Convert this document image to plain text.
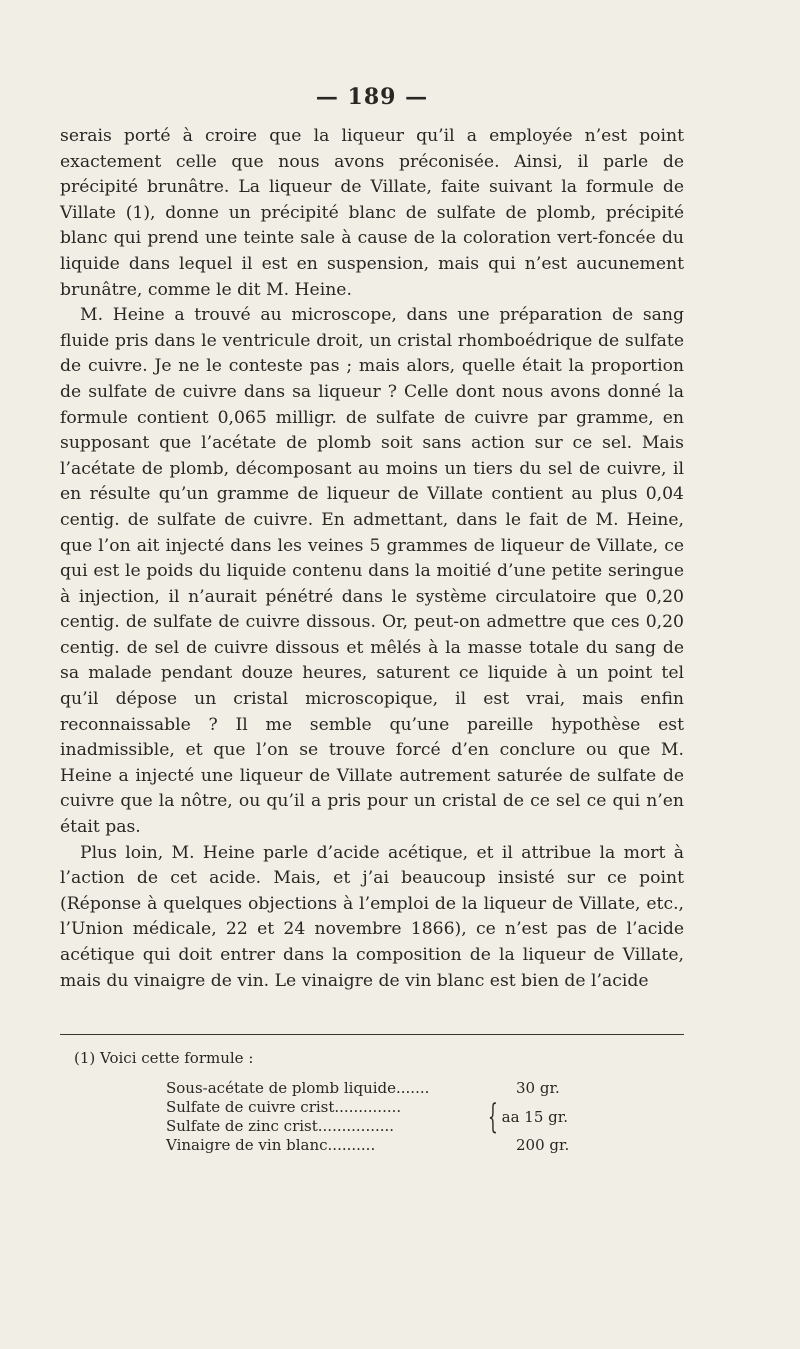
— 189 —

serais porté à croire que la liqueur qu’il a employée n’est point exactement celle que nous avons préconisée. Ainsi, il parle de précipité brunâtre. La liqueur de Villate, faite suivant la formule de Villate (1), donne un précipité blanc de sulfate de plomb, précipité blanc qui prend une teinte sale à cause de la coloration vert-foncée du liquide dans lequel il est en suspension, mais qui n’est aucunement brunâtre, comme le dit M. Heine.

M. Heine a trouvé au microscope, dans une préparation de sang fluide pris dans le ventricule droit, un cristal rhomboédrique de sulfate de cuivre. Je ne le conteste pas ; mais alors, quelle était la proportion de sulfate de cuivre dans sa liqueur ? Celle dont nous avons donné la formule contient 0,065 milligr. de sulfate de cuivre par gramme, en supposant que l’acétate de plomb soit sans action sur ce sel. Mais l’acétate de plomb, décomposant au moins un tiers du sel de cuivre, il en résulte qu’un gramme de liqueur de Villate contient au plus 0,04 centig. de sulfate de cuivre. En admettant, dans le fait de M. Heine, que l’on ait injecté dans les veines 5 grammes de liqueur de Villate, ce qui est le poids du liquide contenu dans la moitié d’une petite seringue à injection, il n’aurait pénétré dans le système circulatoire que 0,20 centig. de sulfate de cuivre dissous. Or, peut-on admettre que ces 0,20 centig. de sel de cuivre dissous et mêlés à la masse totale du sang de sa malade pendant douze heures, saturent ce liquide à un point tel qu’il dépose un cristal microscopique, il est vrai, mais enfin reconnaissable ? Il me semble qu’une pareille hypothèse est inadmissible, et que l’on se trouve forcé d’en conclure ou que M. Heine a injecté une liqueur de Villate autrement saturée de sulfate de cuivre que la nôtre, ou qu’il a pris pour un cristal de ce sel ce qui n’en était pas.

Plus loin, M. Heine parle d’acide acétique, et il attribue la mort à l’action de cet acide. Mais, et j’ai beaucoup insisté sur ce point (Réponse à quelques objections à l’emploi de la liqueur de Villate, etc., l’Union médicale, 22 et 24 novembre 1866), ce n’est pas de l’acide acétique qui doit entrer dans la composition de la liqueur de Villate, mais du vinaigre de vin. Le vinaigre de vin blanc est bien de l’acide

(1) Voici cette formule :
Sous-acétate de plomb liquide.......	30 gr.
Sulfate de cuivre crist..............	{ aa 15 gr.
Sulfate de zinc crist................
Vinaigre de vin blanc..........	200 gr.
